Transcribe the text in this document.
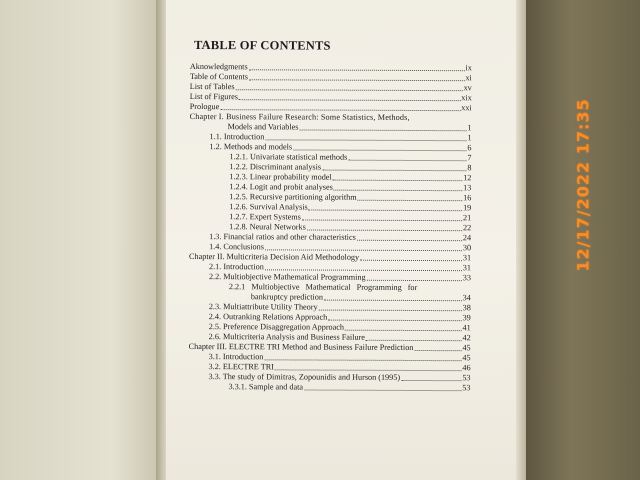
TABLE OF CONTENTS
Aknowledgments	ix
Table of Contents	xi
List of Tables	xv
List of Figures	xix
Prologue	xxi
Chapter I. Business Failure Research: Some Statistics, Methods,
Models and Variables	1
1.1. Introduction	1
1.2. Methods and models	6
1.2.1. Univariate statistical methods	7
1.2.2. Discriminant analysis	8
1.2.3. Linear probability model	12
1.2.4. Logit and probit analyses	13
1.2.5. Recursive partitioning algorithm	16
1.2.6. Survival Analysis	19
1.2.7. Expert Systems	21
1.2.8. Neural Networks	22
1.3. Financial ratios and other characteristics	24
1.4. Conclusions	30
Chapter II. Multicriteria Decision Aid Methodology	31
2.1. Introduction	31
2.2. Multiobjective Mathematical Programming	33
2.2.1 Multiobjective Mathematical Programming for
bankruptcy prediction	34
2.3. Multiattribute Utility Theory	38
2.4. Outranking Relations Approach	39
2.5. Preference Disaggregation Approach	41
2.6. Multicriteria Analysis and Business Failure	42
Chapter III. ELECTRE TRI Method and Business Failure Prediction	45
3.1. Introduction	45
3.2. ELECTRE TRI	46
3.3. The study of Dimitras, Zopounidis and Hurson (1995)	53
3.3.1. Sample and data	53
12/17/2022 17:35
